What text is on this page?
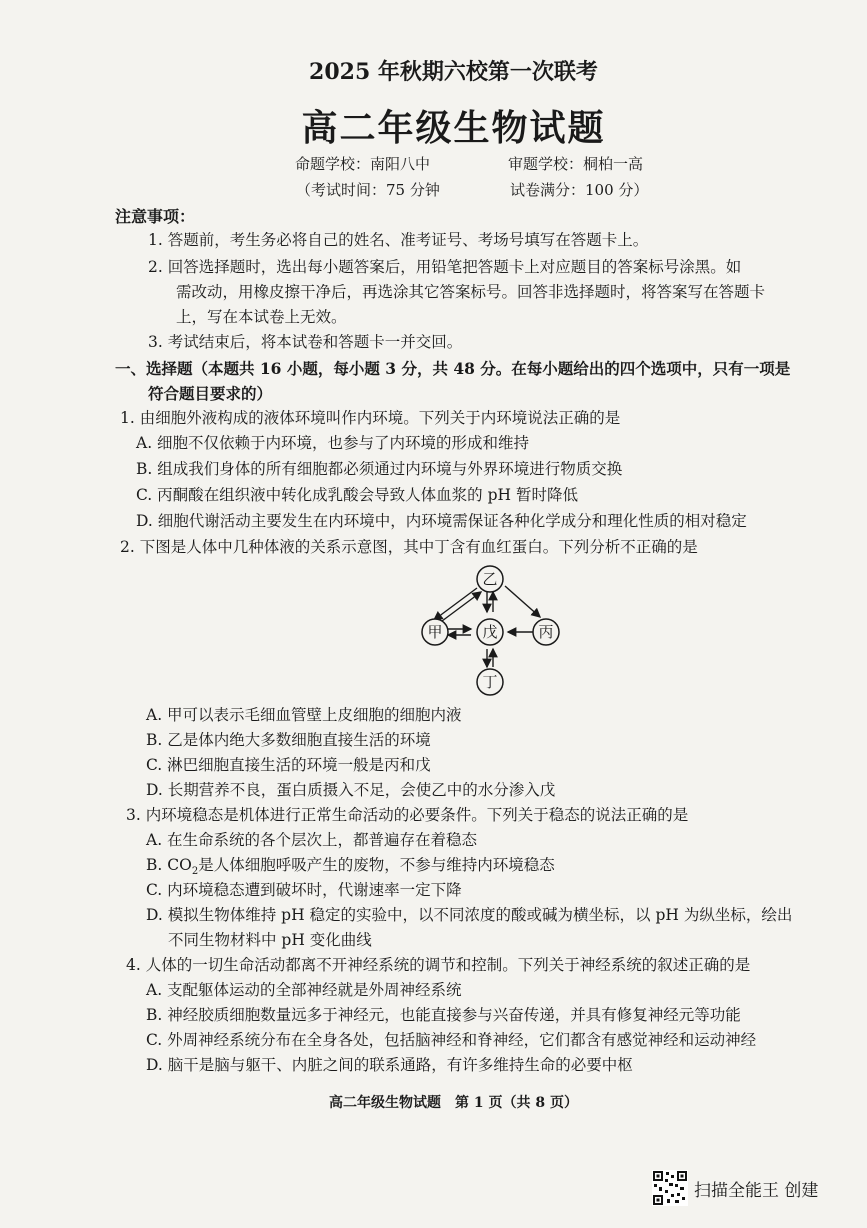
2025 年秋期六校第一次联考
高二年级生物试题
命题学校：南阳八中	审题学校：桐柏一高
（考试时间：75 分钟	试卷满分：100 分）
注意事项：
1. 答题前，考生务必将自己的姓名、准考证号、考场号填写在答题卡上。
2. 回答选择题时，选出每小题答案后，用铅笔把答题卡上对应题目的答案标号涂黑。如
需改动，用橡皮擦干净后，再选涂其它答案标号。回答非选择题时，将答案写在答题卡
上，写在本试卷上无效。
3. 考试结束后，将本试卷和答题卡一并交回。
一、选择题（本题共 16 小题，每小题 3 分，共 48 分。在每小题给出的四个选项中，只有一项是
符合题目要求的）
1. 由细胞外液构成的液体环境叫作内环境。下列关于内环境说法正确的是
A. 细胞不仅依赖于内环境，也参与了内环境的形成和维持
B. 组成我们身体的所有细胞都必须通过内环境与外界环境进行物质交换
C. 丙酮酸在组织液中转化成乳酸会导致人体血浆的 pH 暂时降低
D. 细胞代谢活动主要发生在内环境中，内环境需保证各种化学成分和理化性质的相对稳定
2. 下图是人体中几种体液的关系示意图，其中丁含有血红蛋白。下列分析不正确的是
乙
甲	戊	丙
丁
A. 甲可以表示毛细血管壁上皮细胞的细胞内液
B. 乙是体内绝大多数细胞直接生活的环境
C. 淋巴细胞直接生活的环境一般是丙和戊
D. 长期营养不良，蛋白质摄入不足，会使乙中的水分渗入戊
3. 内环境稳态是机体进行正常生命活动的必要条件。下列关于稳态的说法正确的是
A. 在生命系统的各个层次上，都普遍存在着稳态
B. $CO_2$是人体细胞呼吸产生的废物，不参与维持内环境稳态
C. 内环境稳态遭到破坏时，代谢速率一定下降
D. 模拟生物体维持 pH 稳定的实验中，以不同浓度的酸或碱为横坐标，以 pH 为纵坐标，绘出
不同生物材料中 pH 变化曲线
4. 人体的一切生命活动都离不开神经系统的调节和控制。下列关于神经系统的叙述正确的是
A. 支配躯体运动的全部神经就是外周神经系统
B. 神经胶质细胞数量远多于神经元，也能直接参与兴奋传递，并具有修复神经元等功能
C. 外周神经系统分布在全身各处，包括脑神经和脊神经，它们都含有感觉神经和运动神经
D. 脑干是脑与躯干、内脏之间的联系通路，有许多维持生命的必要中枢
高二年级生物试题　第 1 页（共 8 页）
扫描全能王 创建
